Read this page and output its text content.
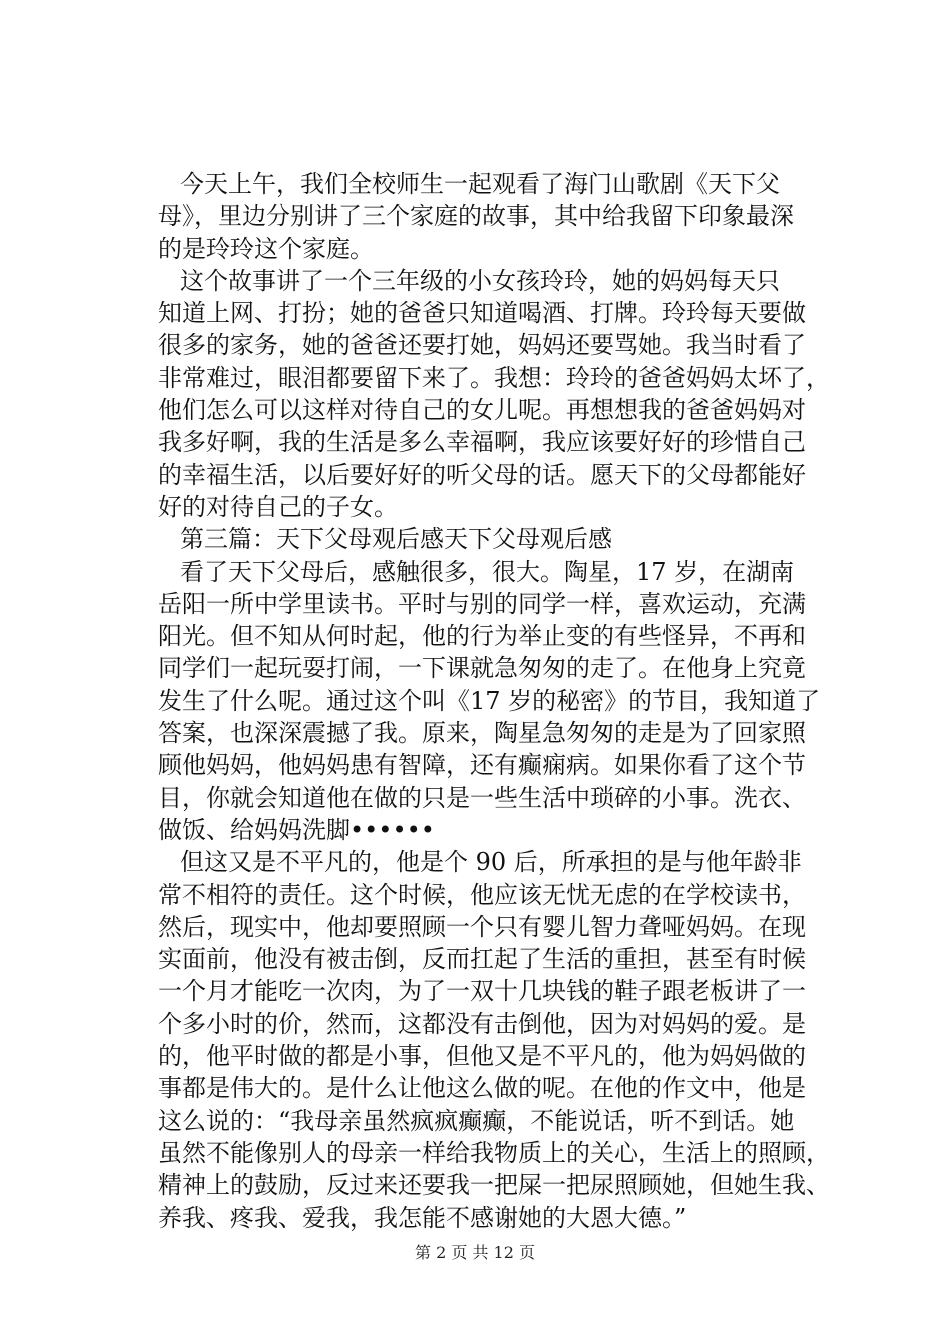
今天上午，我们全校师生一起观看了海门山歌剧《天下父
母》，里边分别讲了三个家庭的故事，其中给我留下印象最深
的是玲玲这个家庭。
这个故事讲了一个三年级的小女孩玲玲，她的妈妈每天只
知道上网、打扮；她的爸爸只知道喝酒、打牌。玲玲每天要做
很多的家务，她的爸爸还要打她，妈妈还要骂她。我当时看了
非常难过，眼泪都要留下来了。我想：玲玲的爸爸妈妈太坏了，
他们怎么可以这样对待自己的女儿呢。再想想我的爸爸妈妈对
我多好啊，我的生活是多么幸福啊，我应该要好好的珍惜自己
的幸福生活，以后要好好的听父母的话。愿天下的父母都能好
好的对待自己的子女。
第三篇：天下父母观后感天下父母观后感
看了天下父母后，感触很多，很大。陶星，17 岁，在湖南
岳阳一所中学里读书。平时与别的同学一样，喜欢运动，充满
阳光。但不知从何时起，他的行为举止变的有些怪异，不再和
同学们一起玩耍打闹，一下课就急匆匆的走了。在他身上究竟
发生了什么呢。通过这个叫《17 岁的秘密》的节目，我知道了
答案，也深深震撼了我。原来，陶星急匆匆的走是为了回家照
顾他妈妈，他妈妈患有智障，还有癫痫病。如果你看了这个节
目，你就会知道他在做的只是一些生活中琐碎的小事。洗衣、
做饭、给妈妈洗脚••••••
但这又是不平凡的，他是个 90 后，所承担的是与他年龄非
常不相符的责任。这个时候，他应该无忧无虑的在学校读书，
然后，现实中，他却要照顾一个只有婴儿智力聋哑妈妈。在现
实面前，他没有被击倒，反而扛起了生活的重担，甚至有时候
一个月才能吃一次肉，为了一双十几块钱的鞋子跟老板讲了一
个多小时的价，然而，这都没有击倒他，因为对妈妈的爱。是
的，他平时做的都是小事，但他又是不平凡的，他为妈妈做的
事都是伟大的。是什么让他这么做的呢。在他的作文中，他是
这么说的：“我母亲虽然疯疯癫癫，不能说话，听不到话。她
虽然不能像别人的母亲一样给我物质上的关心，生活上的照顾，
精神上的鼓励，反过来还要我一把屎一把尿照顾她，但她生我、
养我、疼我、爱我，我怎能不感谢她的大恩大德。”
第 2 页 共 12 页
